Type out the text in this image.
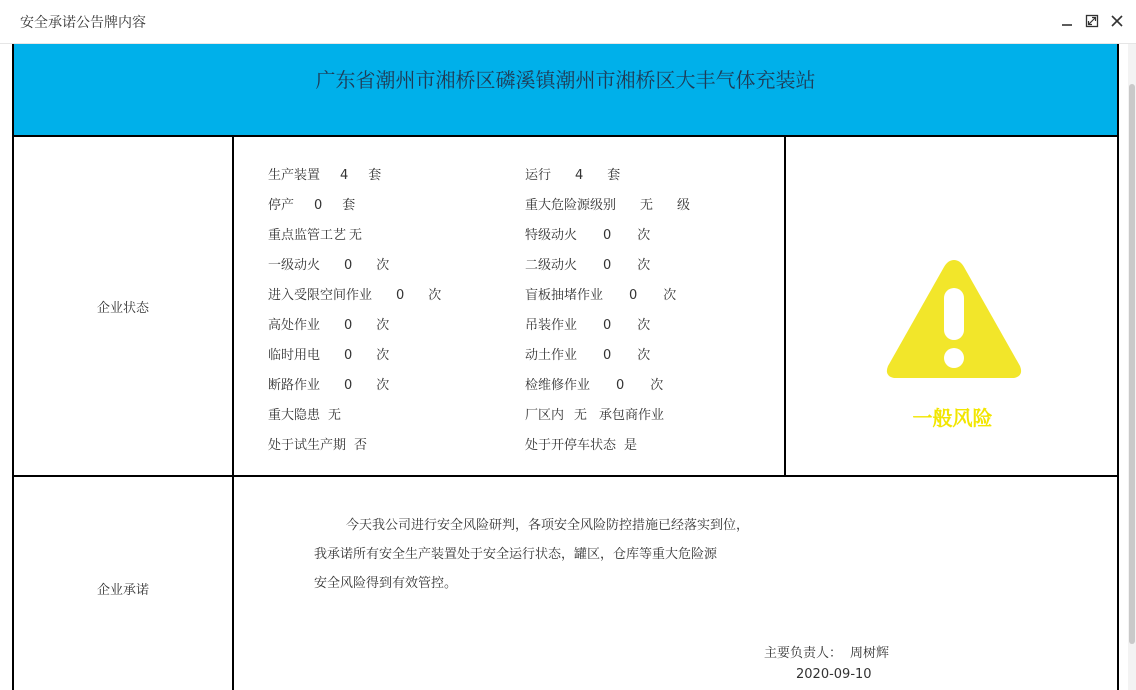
安全承诺公告牌内容
广东省潮州市湘桥区磷溪镇潮州市湘桥区大丰气体充装站
企业状态
生产装置 4 套
停产 0 套
重点监管工艺 无
一级动火 0 次
进入受限空间作业 0 次
高处作业 0 次
临时用电 0 次
断路作业 0 次
重大隐患 无
处于试生产期 否
运行 4 套
重大危险源级别 无 级
特级动火 0 次
二级动火 0 次
盲板抽堵作业 0 次
吊装作业 0 次
动土作业 0 次
检维修作业 0 次
厂区内 无 承包商作业
处于开停车状态 是
一般风险
企业承诺
今天我公司进行安全风险研判，各项安全风险防控措施已经落实到位，
我承诺所有安全生产装置处于安全运行状态，罐区，仓库等重大危险源
安全风险得到有效管控。
主要负责人： 周树辉
2020-09-10
